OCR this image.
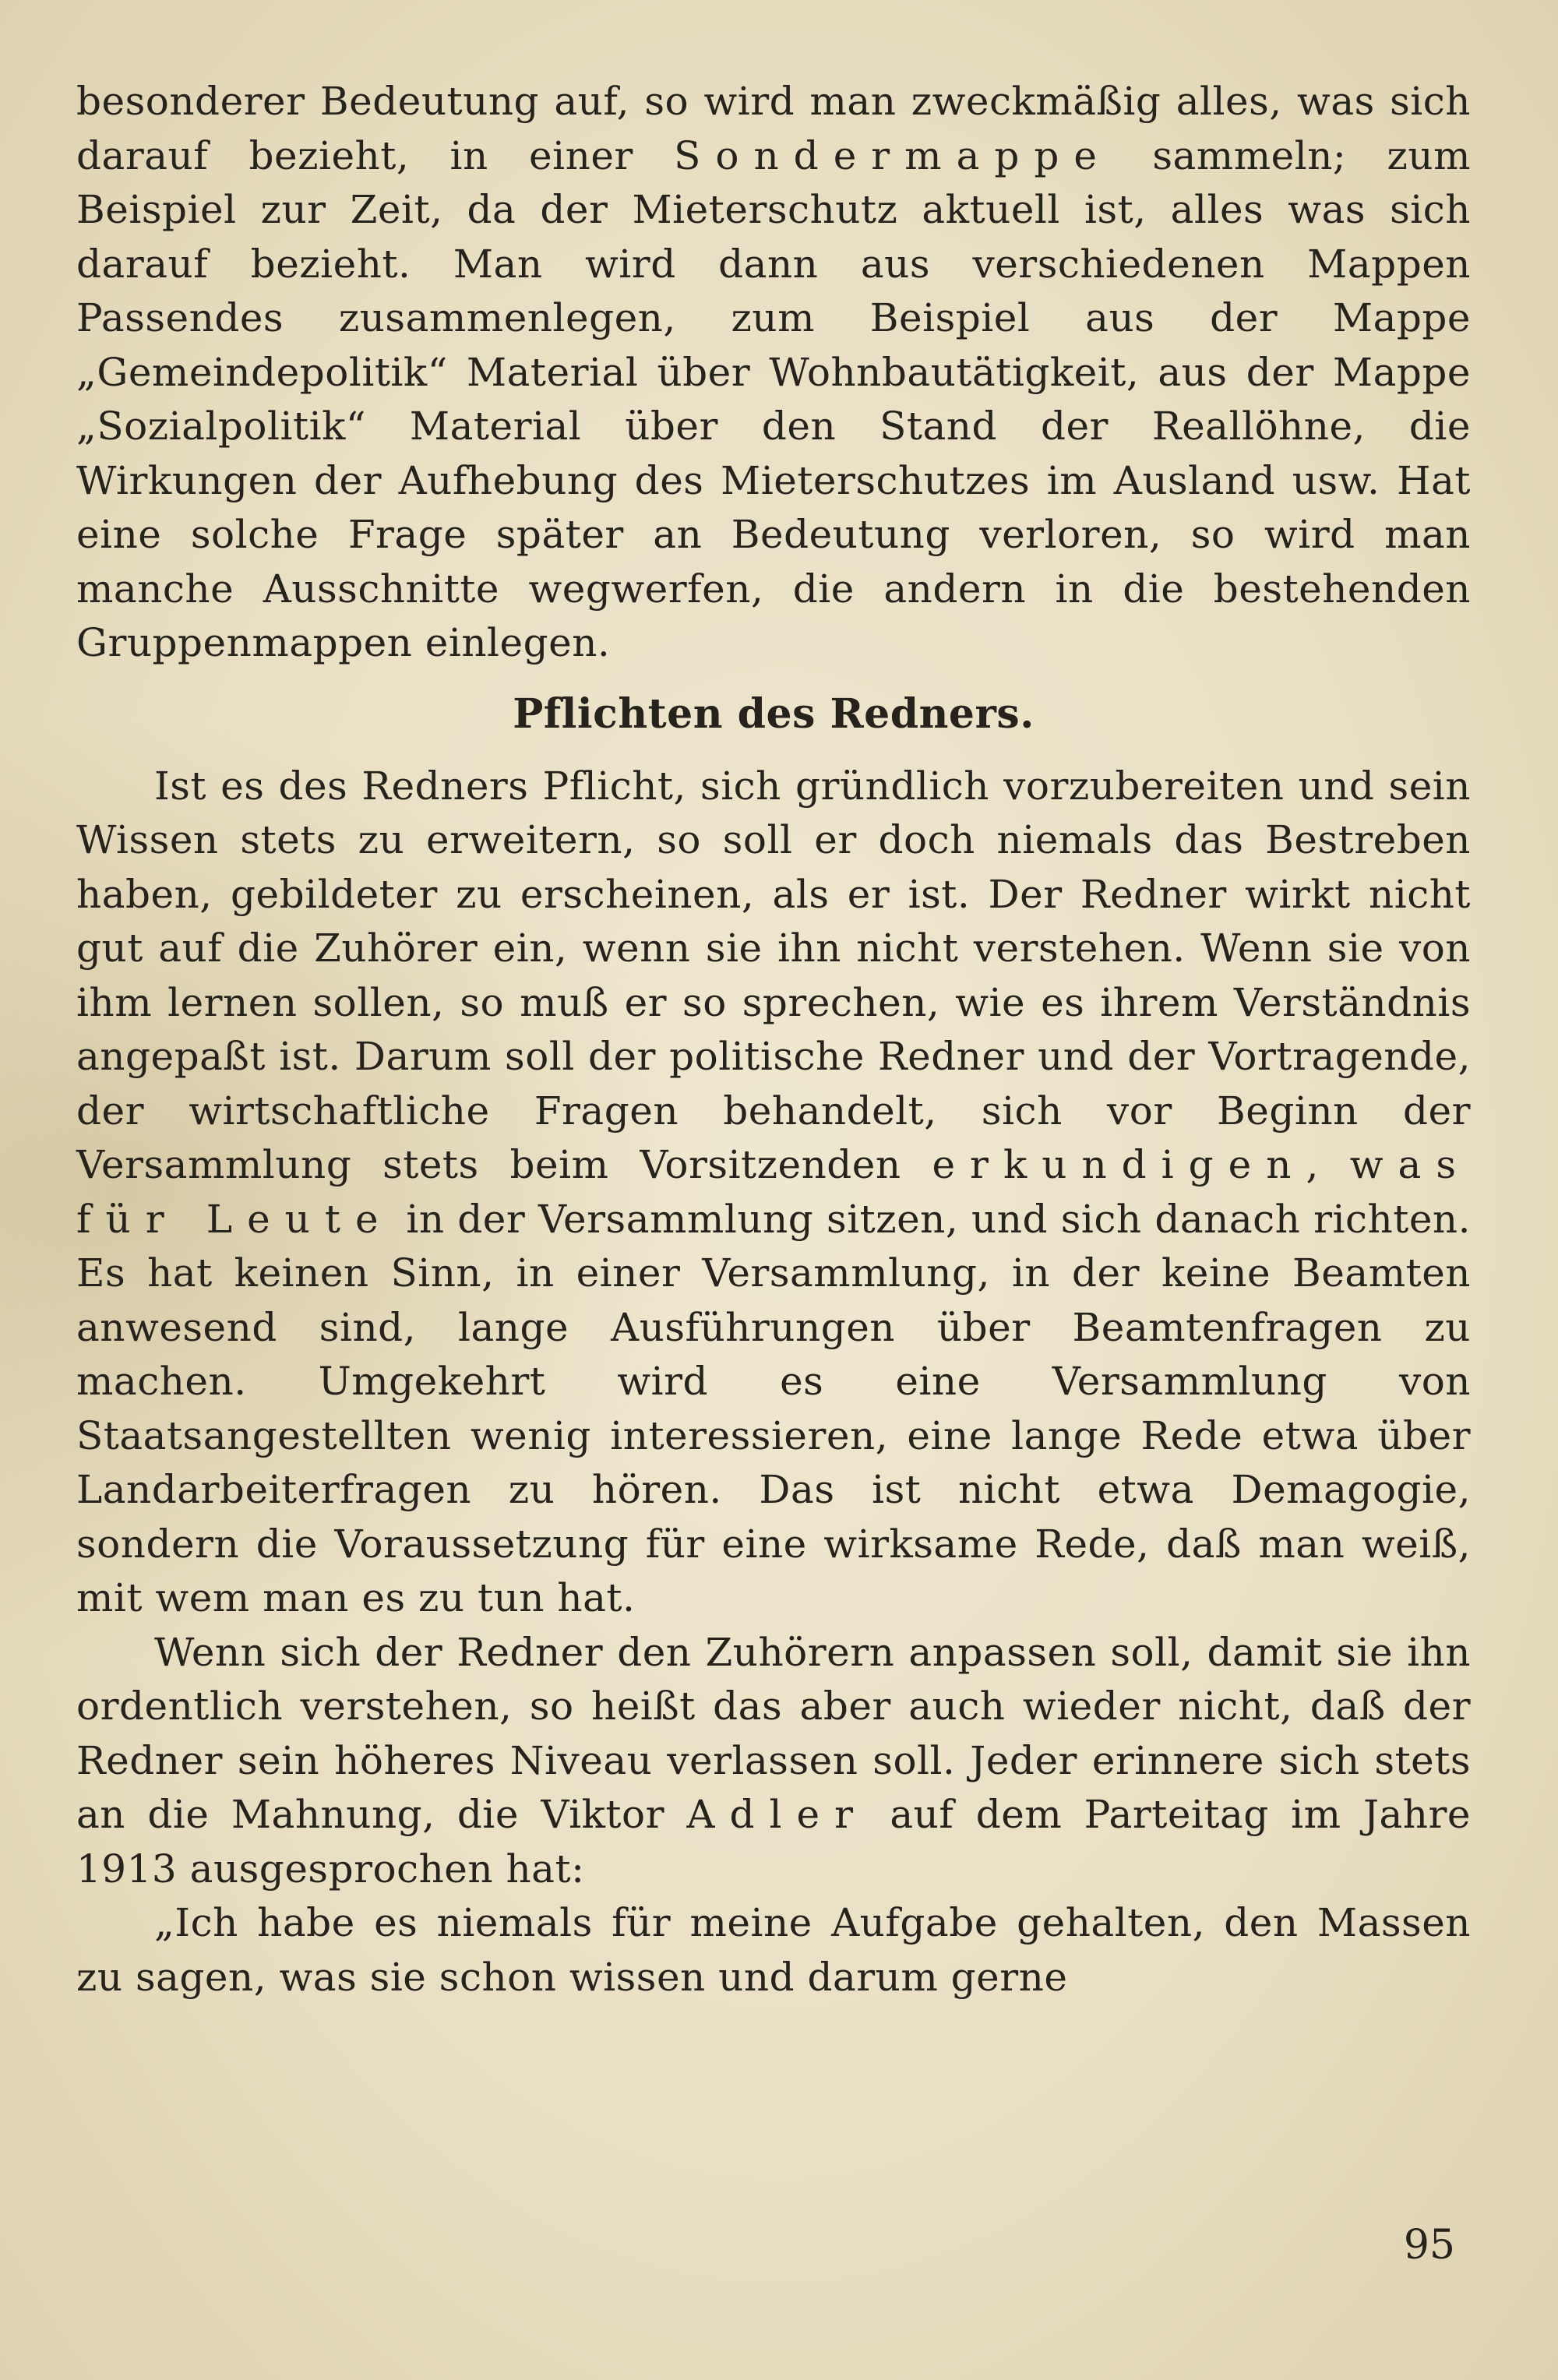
besonderer Bedeutung auf, so wird man zweckmäßig alles, was sich darauf bezieht, in einer Sondermappe sammeln; zum Beispiel zur Zeit, da der Mieterschutz aktuell ist, alles was sich darauf bezieht. Man wird dann aus verschiedenen Mappen Passendes zusammenlegen, zum Beispiel aus der Mappe „Gemeindepolitik“ Material über Wohnbautätigkeit, aus der Mappe „Sozialpolitik“ Material über den Stand der Reallöhne, die Wirkungen der Aufhebung des Mieterschutzes im Ausland usw. Hat eine solche Frage später an Bedeutung verloren, so wird man manche Ausschnitte wegwerfen, die andern in die bestehenden Gruppenmappen einlegen.

Pflichten des Redners.

Ist es des Redners Pflicht, sich gründlich vorzubereiten und sein Wissen stets zu erweitern, so soll er doch niemals das Bestreben haben, gebildeter zu erscheinen, als er ist. Der Redner wirkt nicht gut auf die Zuhörer ein, wenn sie ihn nicht verstehen. Wenn sie von ihm lernen sollen, so muß er so sprechen, wie es ihrem Verständnis angepaßt ist. Darum soll der politische Redner und der Vortragende, der wirtschaftliche Fragen behandelt, sich vor Beginn der Versammlung stets beim Vorsitzenden erkundigen, was für Leute in der Versammlung sitzen, und sich danach richten. Es hat keinen Sinn, in einer Versammlung, in der keine Beamten anwesend sind, lange Ausführungen über Beamtenfragen zu machen. Umgekehrt wird es eine Versammlung von Staatsangestellten wenig interessieren, eine lange Rede etwa über Landarbeiterfragen zu hören. Das ist nicht etwa Demagogie, sondern die Voraussetzung für eine wirksame Rede, daß man weiß, mit wem man es zu tun hat.

Wenn sich der Redner den Zuhörern anpassen soll, damit sie ihn ordentlich verstehen, so heißt das aber auch wieder nicht, daß der Redner sein höheres Niveau verlassen soll. Jeder erinnere sich stets an die Mahnung, die Viktor Adler auf dem Parteitag im Jahre 1913 ausgesprochen hat:

„Ich habe es niemals für meine Aufgabe gehalten, den Massen zu sagen, was sie schon wissen und darum gerne

95
